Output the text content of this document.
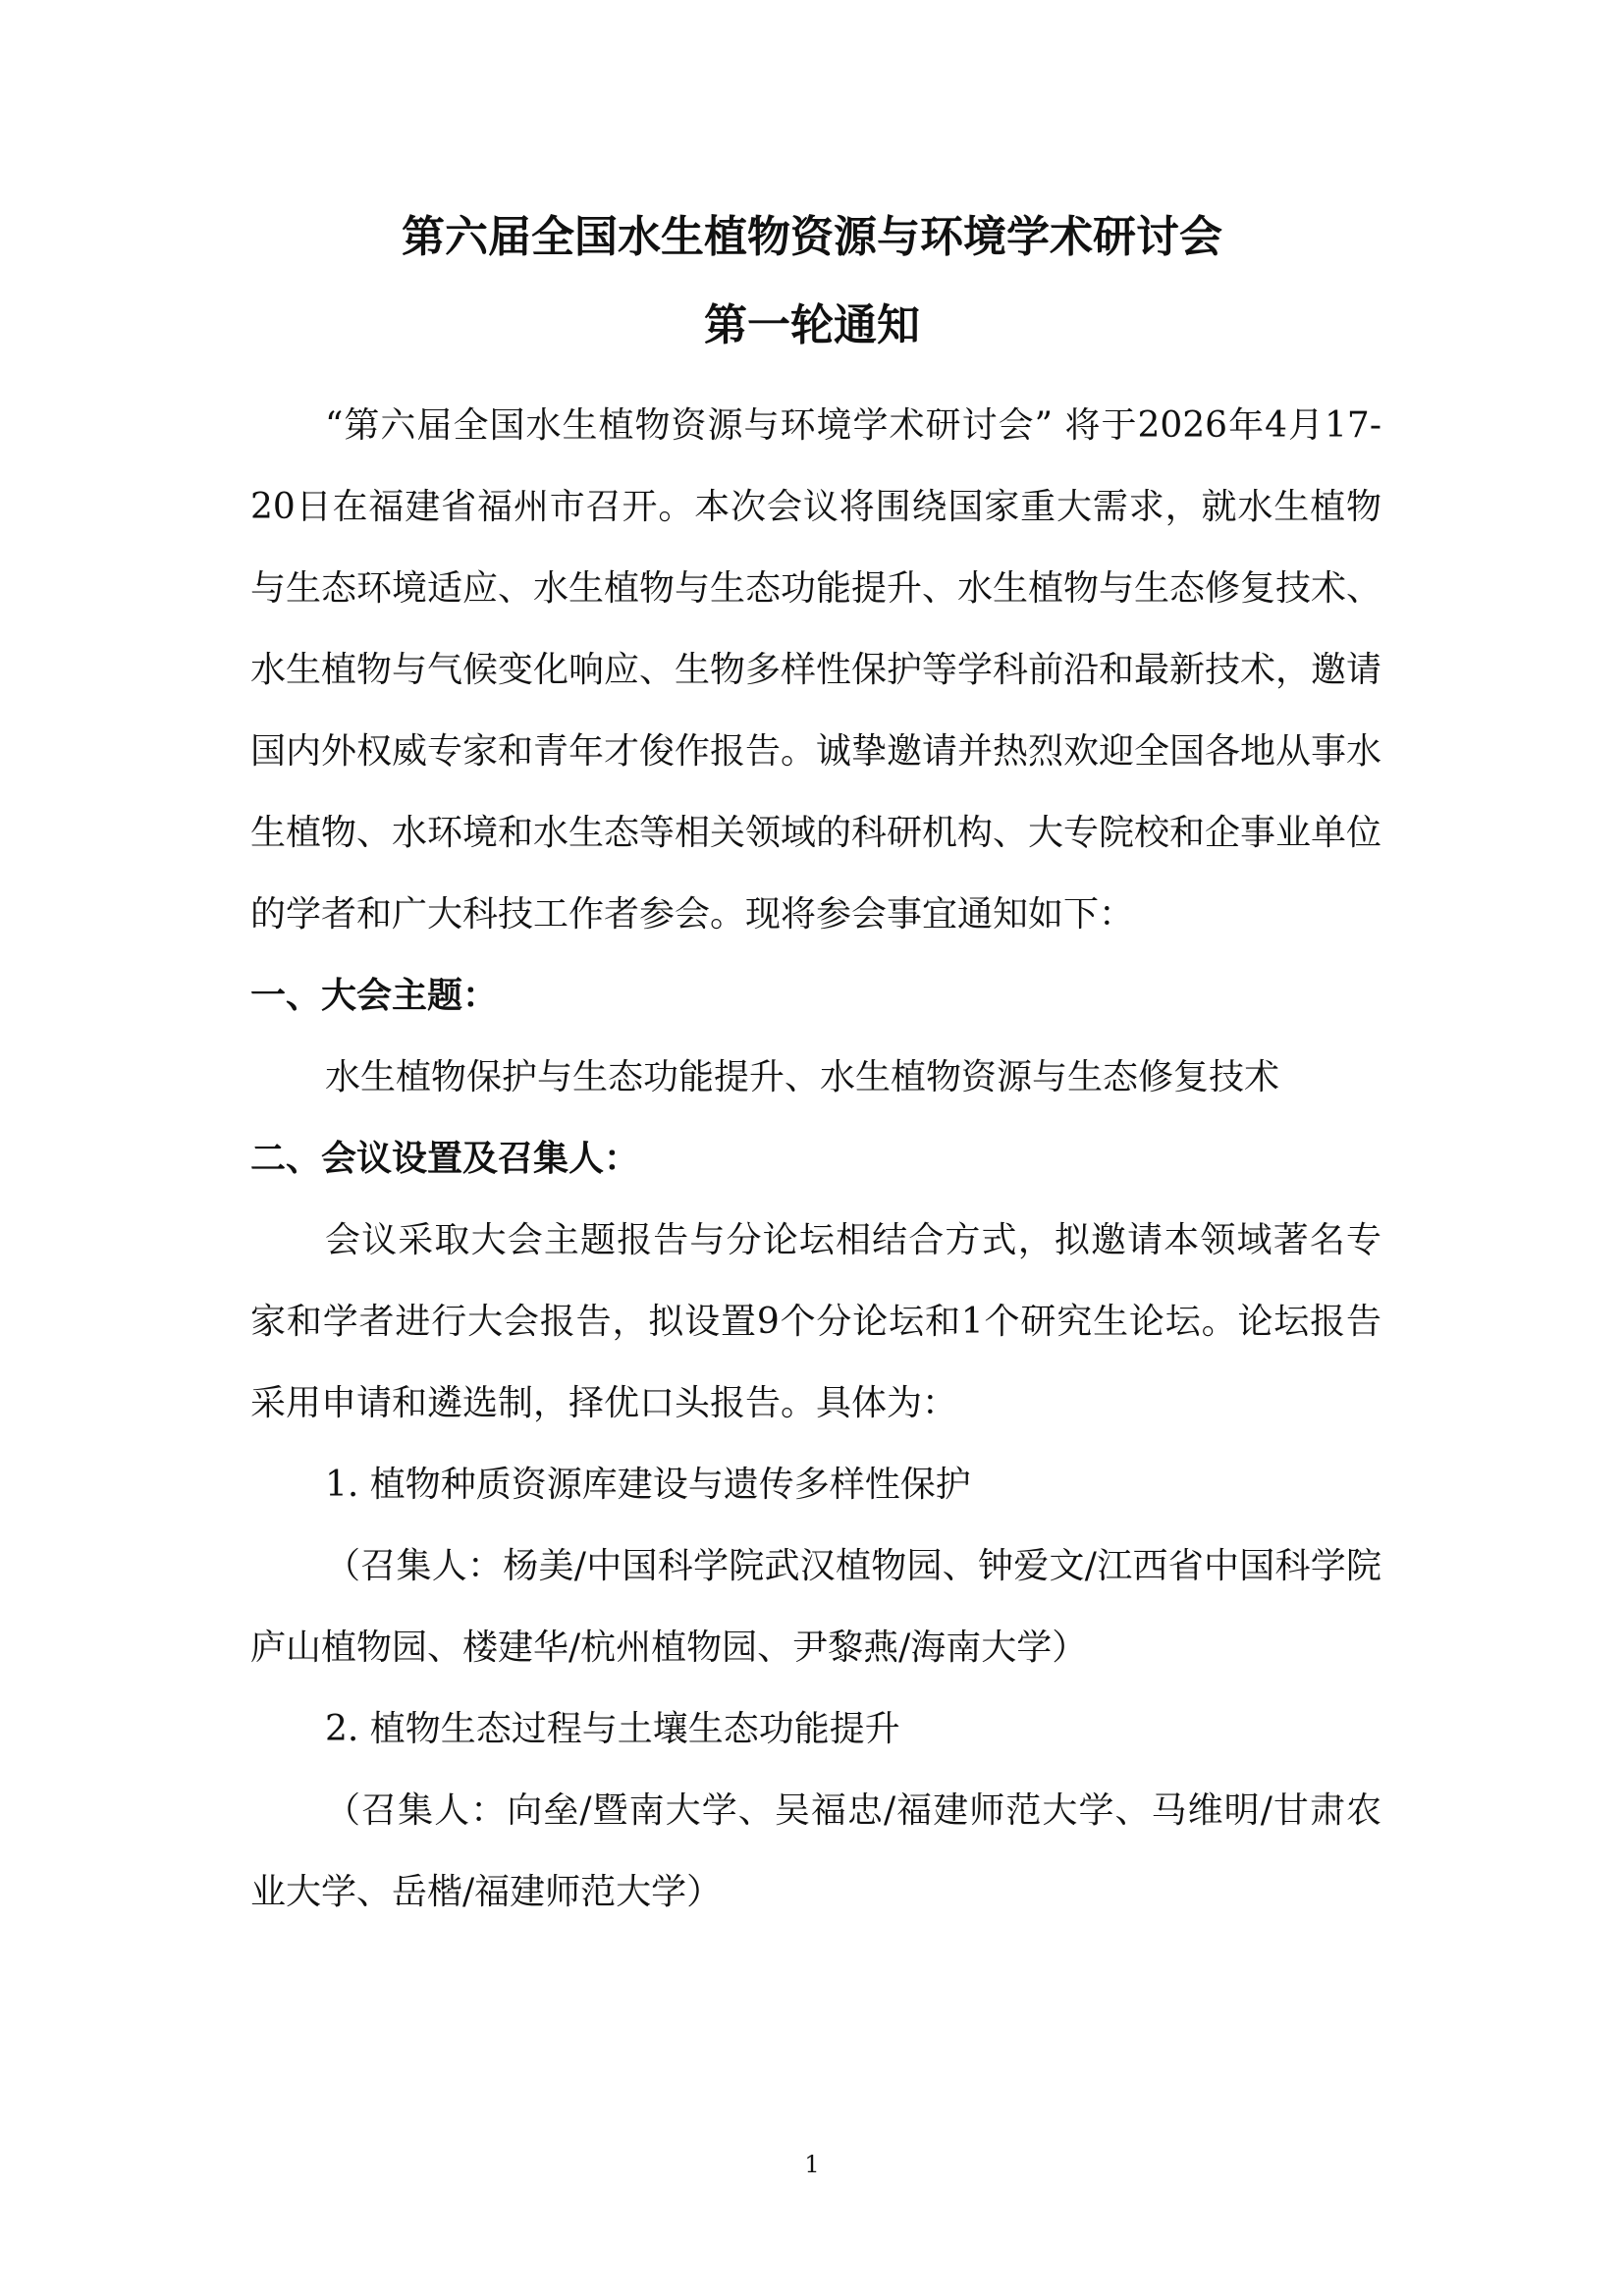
第六届全国水生植物资源与环境学术研讨会
第一轮通知

“第六届全国水生植物资源与环境学术研讨会” 将于2026年4月17-20日在福建省福州市召开。本次会议将围绕国家重大需求，就水生植物与生态环境适应、水生植物与生态功能提升、水生植物与生态修复技术、水生植物与气候变化响应、生物多样性保护等学科前沿和最新技术，邀请国内外权威专家和青年才俊作报告。诚挚邀请并热烈欢迎全国各地从事水生植物、水环境和水生态等相关领域的科研机构、大专院校和企事业单位的学者和广大科技工作者参会。现将参会事宜通知如下：

一、大会主题：

水生植物保护与生态功能提升、水生植物资源与生态修复技术

二、会议设置及召集人：

会议采取大会主题报告与分论坛相结合方式，拟邀请本领域著名专家和学者进行大会报告，拟设置9个分论坛和1个研究生论坛。论坛报告采用申请和遴选制，择优口头报告。具体为：

1. 植物种质资源库建设与遗传多样性保护

（召集人：杨美/中国科学院武汉植物园、钟爱文/江西省中国科学院庐山植物园、楼建华/杭州植物园、尹黎燕/海南大学）

2. 植物生态过程与土壤生态功能提升

（召集人：向垒/暨南大学、吴福忠/福建师范大学、马维明/甘肃农业大学、岳楷/福建师范大学）

1
